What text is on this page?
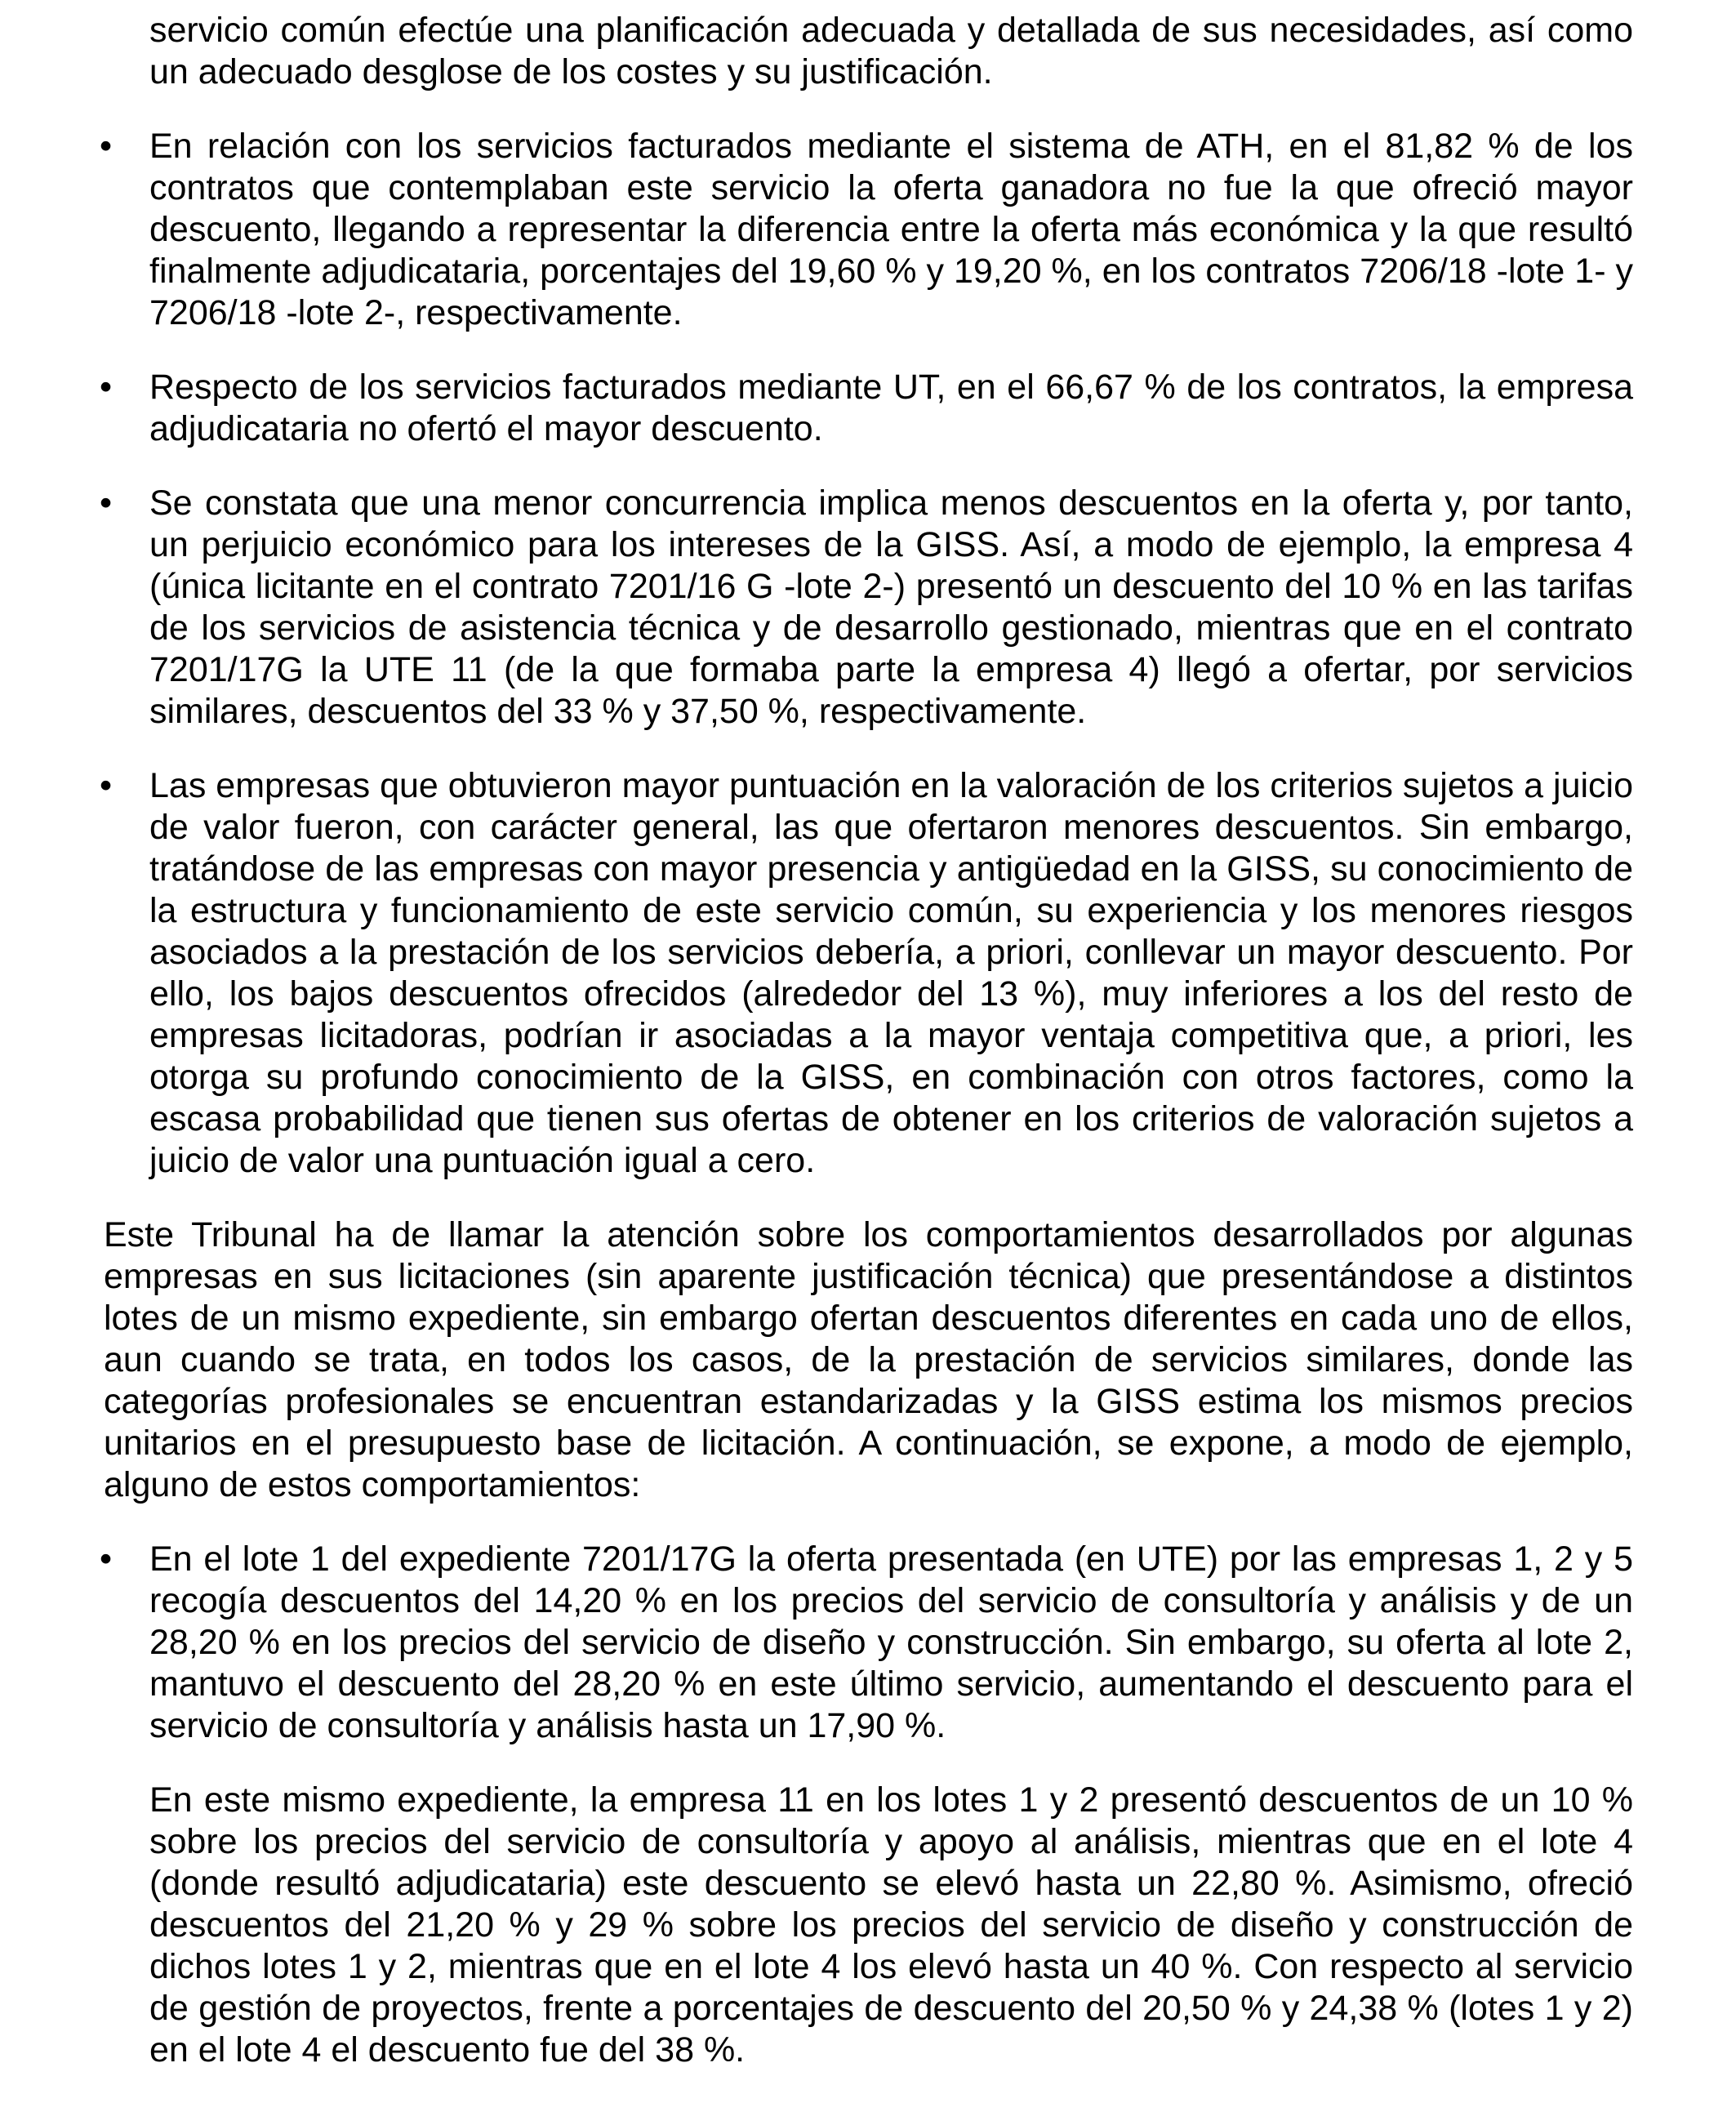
servicio común efectúe una planificación adecuada y detallada de sus necesidades, así como un adecuado desglose de los costes y su justificación.
• En relación con los servicios facturados mediante el sistema de ATH, en el 81,82 % de los contratos que contemplaban este servicio la oferta ganadora no fue la que ofreció mayor descuento, llegando a representar la diferencia entre la oferta más económica y la que resultó finalmente adjudicataria, porcentajes del 19,60 % y 19,20 %, en los contratos 7206/18 -lote 1- y 7206/18 -lote 2-, respectivamente.
• Respecto de los servicios facturados mediante UT, en el 66,67 % de los contratos, la empresa adjudicataria no ofertó el mayor descuento.
• Se constata que una menor concurrencia implica menos descuentos en la oferta y, por tanto, un perjuicio económico para los intereses de la GISS. Así, a modo de ejemplo, la empresa 4 (única licitante en el contrato 7201/16 G -lote 2-) presentó un descuento del 10 % en las tarifas de los servicios de asistencia técnica y de desarrollo gestionado, mientras que en el contrato 7201/17G la UTE 11 (de la que formaba parte la empresa 4) llegó a ofertar, por servicios similares, descuentos del 33 % y 37,50 %, respectivamente.
• Las empresas que obtuvieron mayor puntuación en la valoración de los criterios sujetos a juicio de valor fueron, con carácter general, las que ofertaron menores descuentos. Sin embargo, tratándose de las empresas con mayor presencia y antigüedad en la GISS, su conocimiento de la estructura y funcionamiento de este servicio común, su experiencia y los menores riesgos asociados a la prestación de los servicios debería, a priori, conllevar un mayor descuento. Por ello, los bajos descuentos ofrecidos (alrededor del 13 %), muy inferiores a los del resto de empresas licitadoras, podrían ir asociadas a la mayor ventaja competitiva que, a priori, les otorga su profundo conocimiento de la GISS, en combinación con otros factores, como la escasa probabilidad que tienen sus ofertas de obtener en los criterios de valoración sujetos a juicio de valor una puntuación igual a cero.
Este Tribunal ha de llamar la atención sobre los comportamientos desarrollados por algunas empresas en sus licitaciones (sin aparente justificación técnica) que presentándose a distintos lotes de un mismo expediente, sin embargo ofertan descuentos diferentes en cada uno de ellos, aun cuando se trata, en todos los casos, de la prestación de servicios similares, donde las categorías profesionales se encuentran estandarizadas y la GISS estima los mismos precios unitarios en el presupuesto base de licitación. A continuación, se expone, a modo de ejemplo, alguno de estos comportamientos:
• En el lote 1 del expediente 7201/17G la oferta presentada (en UTE) por las empresas 1, 2 y 5 recogía descuentos del 14,20 % en los precios del servicio de consultoría y análisis y de un 28,20 % en los precios del servicio de diseño y construcción. Sin embargo, su oferta al lote 2, mantuvo el descuento del 28,20 % en este último servicio, aumentando el descuento para el servicio de consultoría y análisis hasta un 17,90 %.
En este mismo expediente, la empresa 11 en los lotes 1 y 2 presentó descuentos de un 10 % sobre los precios del servicio de consultoría y apoyo al análisis, mientras que en el lote 4 (donde resultó adjudicataria) este descuento se elevó hasta un 22,80 %. Asimismo, ofreció descuentos del 21,20 % y 29 % sobre los precios del servicio de diseño y construcción de dichos lotes 1 y 2, mientras que en el lote 4 los elevó hasta un 40 %. Con respecto al servicio de gestión de proyectos, frente a porcentajes de descuento del 20,50 % y 24,38 % (lotes 1 y 2) en el lote 4 el descuento fue del 38 %.
